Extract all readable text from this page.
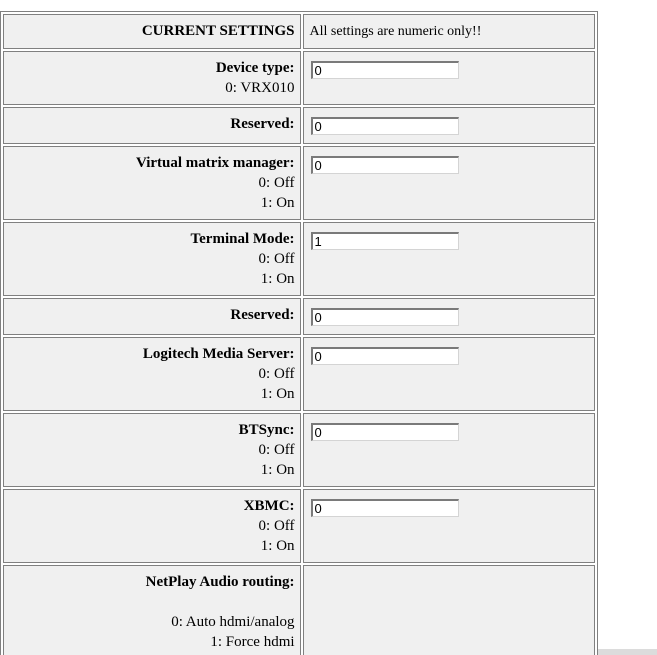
CURRENT SETTINGS	All settings are numeric only!!

Device type:
0: VRX010
	0

Reserved:
	0

Virtual matrix manager:
0: Off
1: On
	0

Terminal Mode:
0: Off
1: On
	1

Reserved:
	0

Logitech Media Server:
0: Off
1: On
	0

BTSync:
0: Off
1: On
	0

XBMC:
0: Off
1: On
	0

NetPlay Audio routing:
0: Auto hdmi/analog
1: Force hdmi	
